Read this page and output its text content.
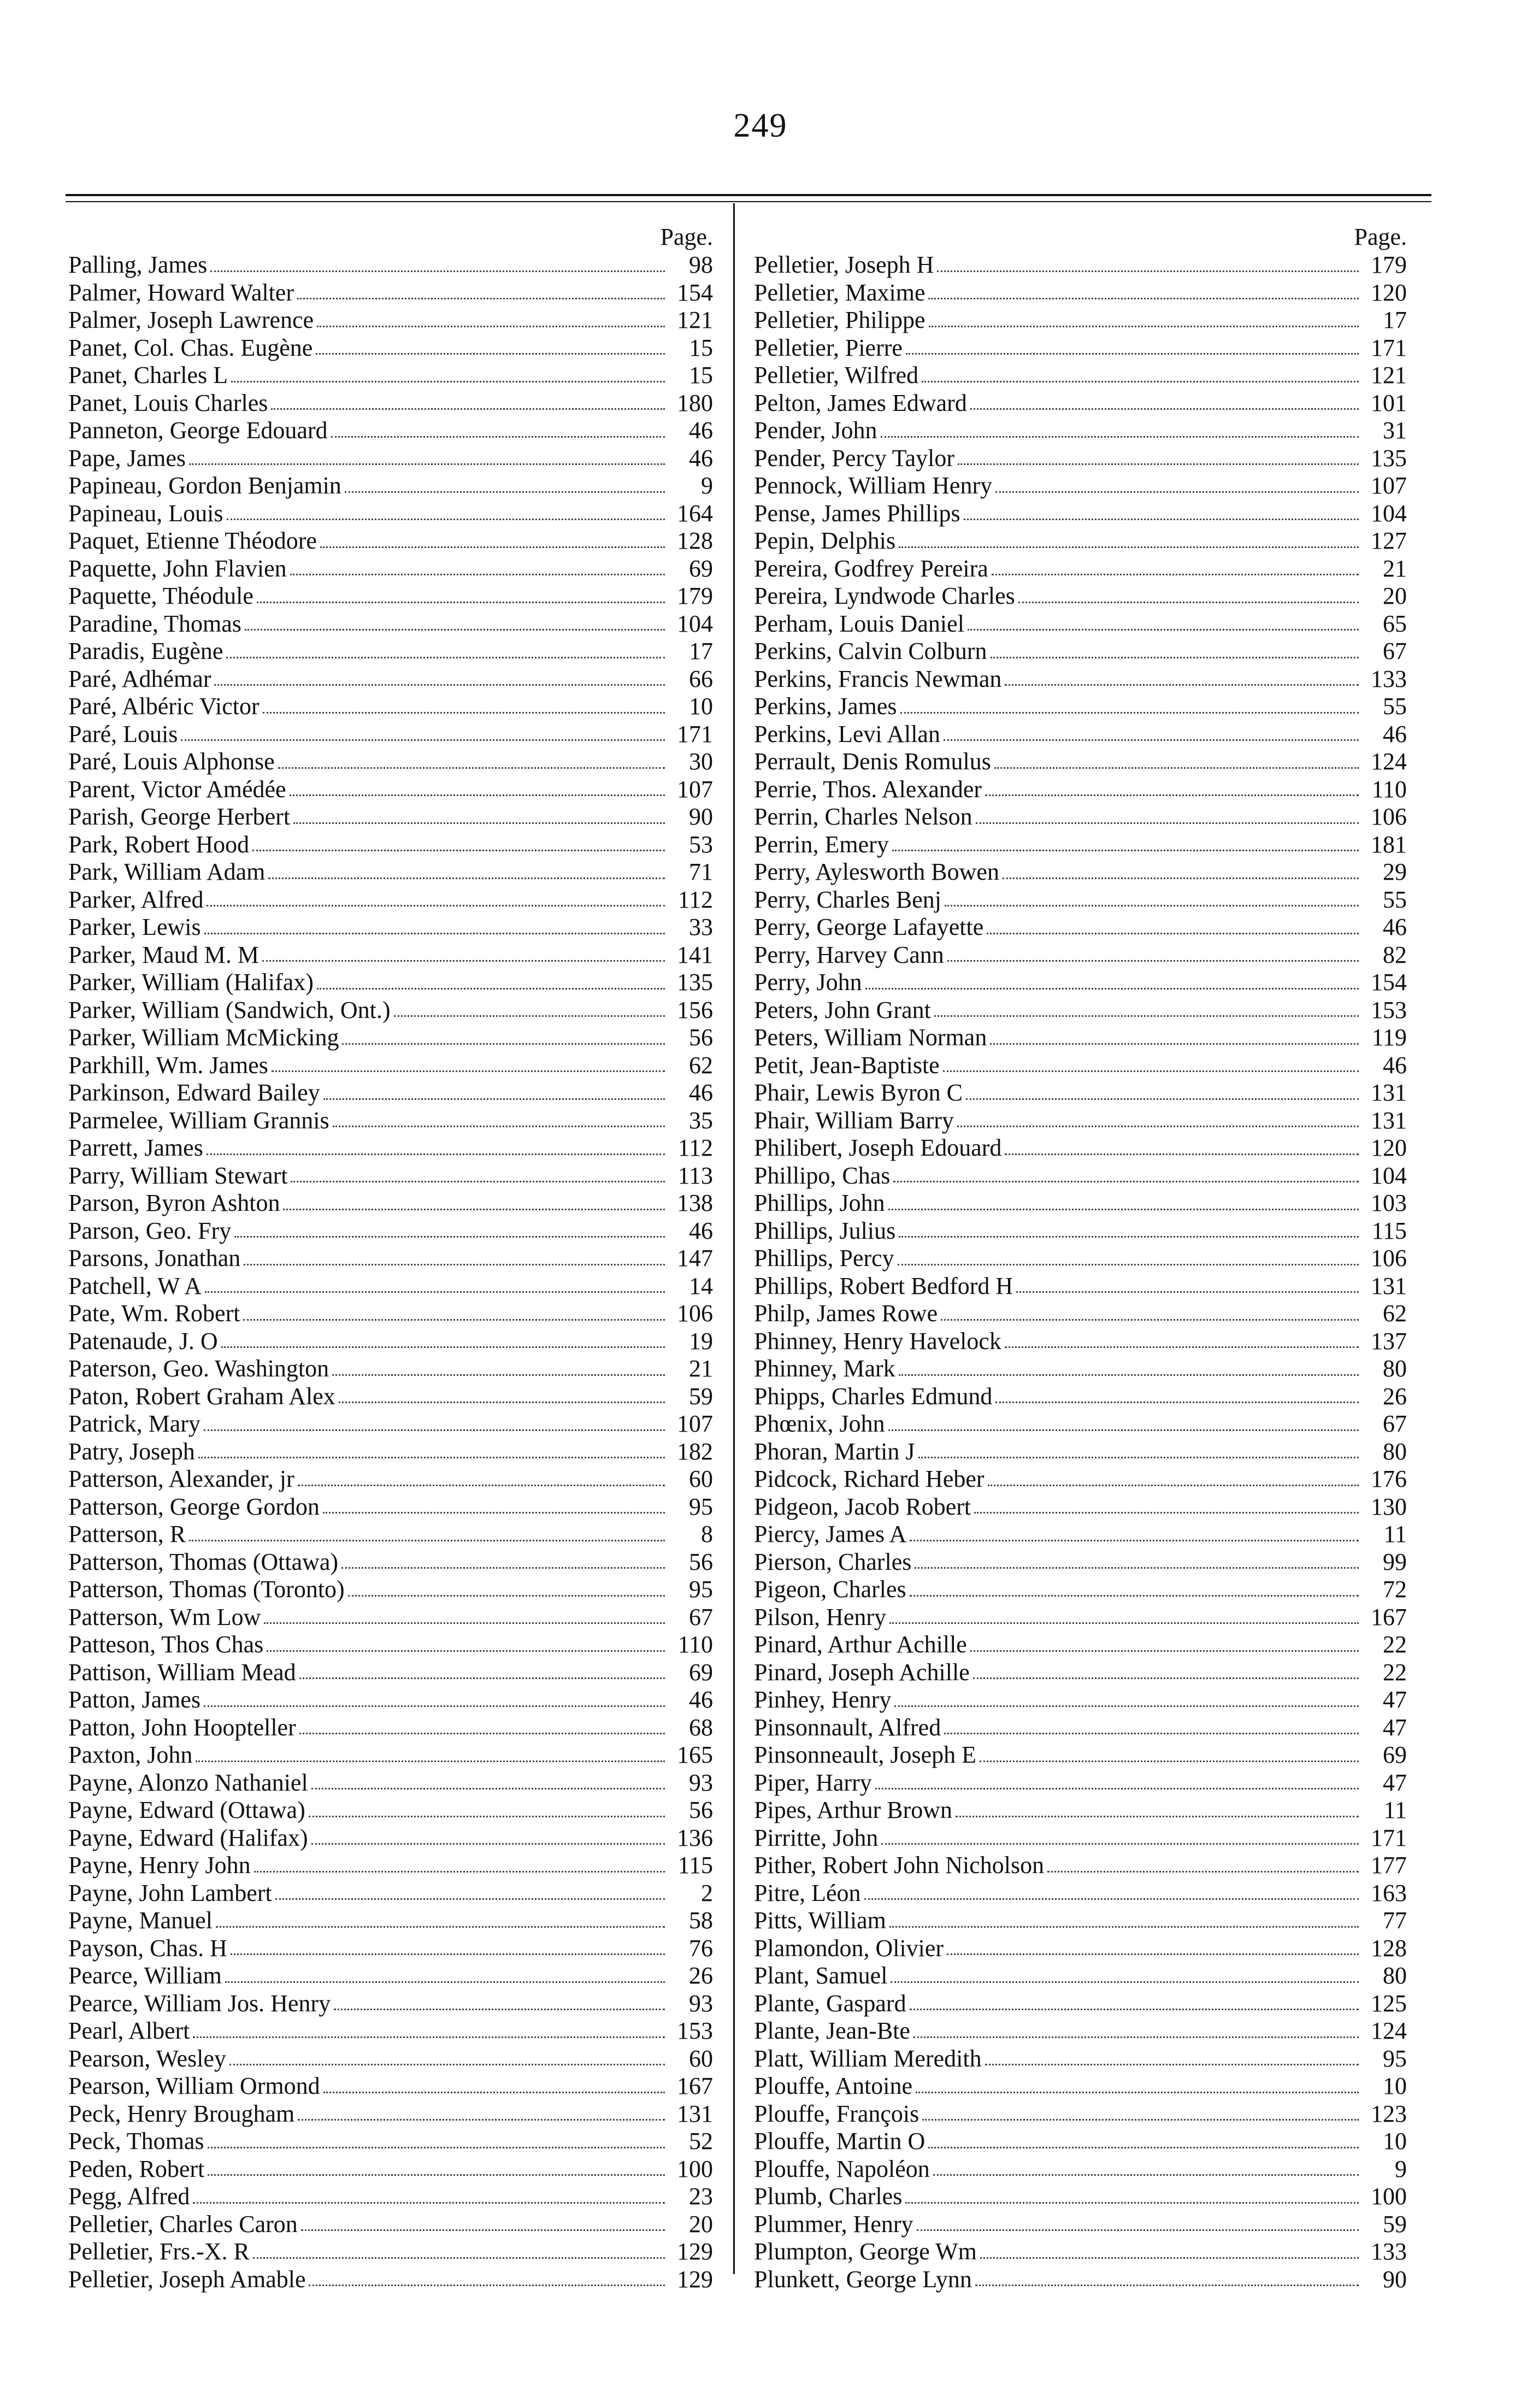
249
Page.
Palling, James	98
Palmer, Howard Walter	154
Palmer, Joseph Lawrence	121
Panet, Col. Chas. Eugène	15
Panet, Charles L	15
Panet, Louis Charles	180
Panneton, George Edouard	46
Pape, James	46
Papineau, Gordon Benjamin	9
Papineau, Louis	164
Paquet, Etienne Théodore	128
Paquette, John Flavien	69
Paquette, Théodule	179
Paradine, Thomas	104
Paradis, Eugène	17
Paré, Adhémar	66
Paré, Albéric Victor	10
Paré, Louis	171
Paré, Louis Alphonse	30
Parent, Victor Amédée	107
Parish, George Herbert	90
Park, Robert Hood	53
Park, William Adam	71
Parker, Alfred	112
Parker, Lewis	33
Parker, Maud M. M	141
Parker, William (Halifax)	135
Parker, William (Sandwich, Ont.)	156
Parker, William McMicking	56
Parkhill, Wm. James	62
Parkinson, Edward Bailey	46
Parmelee, William Grannis	35
Parrett, James	112
Parry, William Stewart	113
Parson, Byron Ashton	138
Parson, Geo. Fry	46
Parsons, Jonathan	147
Patchell, W A	14
Pate, Wm. Robert	106
Patenaude, J. O	19
Paterson, Geo. Washington	21
Paton, Robert Graham Alex	59
Patrick, Mary	107
Patry, Joseph	182
Patterson, Alexander, jr	60
Patterson, George Gordon	95
Patterson, R	8
Patterson, Thomas (Ottawa)	56
Patterson, Thomas (Toronto)	95
Patterson, Wm Low	67
Patteson, Thos Chas	110
Pattison, William Mead	69
Patton, James	46
Patton, John Hoopteller	68
Paxton, John	165
Payne, Alonzo Nathaniel	93
Payne, Edward (Ottawa)	56
Payne, Edward (Halifax)	136
Payne, Henry John	115
Payne, John Lambert	2
Payne, Manuel	58
Payson, Chas. H	76
Pearce, William	26
Pearce, William Jos. Henry	93
Pearl, Albert	153
Pearson, Wesley	60
Pearson, William Ormond	167
Peck, Henry Brougham	131
Peck, Thomas	52
Peden, Robert	100
Pegg, Alfred	23
Pelletier, Charles Caron	20
Pelletier, Frs.-X. R	129
Pelletier, Joseph Amable	129
Page.
Pelletier, Joseph H	179
Pelletier, Maxime	120
Pelletier, Philippe	17
Pelletier, Pierre	171
Pelletier, Wilfred	121
Pelton, James Edward	101
Pender, John	31
Pender, Percy Taylor	135
Pennock, William Henry	107
Pense, James Phillips	104
Pepin, Delphis	127
Pereira, Godfrey Pereira	21
Pereira, Lyndwode Charles	20
Perham, Louis Daniel	65
Perkins, Calvin Colburn	67
Perkins, Francis Newman	133
Perkins, James	55
Perkins, Levi Allan	46
Perrault, Denis Romulus	124
Perrie, Thos. Alexander	110
Perrin, Charles Nelson	106
Perrin, Emery	181
Perry, Aylesworth Bowen	29
Perry, Charles Benj	55
Perry, George Lafayette	46
Perry, Harvey Cann	82
Perry, John	154
Peters, John Grant	153
Peters, William Norman	119
Petit, Jean-Baptiste	46
Phair, Lewis Byron C	131
Phair, William Barry	131
Philibert, Joseph Edouard	120
Phillipo, Chas	104
Phillips, John	103
Phillips, Julius	115
Phillips, Percy	106
Phillips, Robert Bedford H	131
Philp, James Rowe	62
Phinney, Henry Havelock	137
Phinney, Mark	80
Phipps, Charles Edmund	26
Phœnix, John	67
Phoran, Martin J	80
Pidcock, Richard Heber	176
Pidgeon, Jacob Robert	130
Piercy, James A	11
Pierson, Charles	99
Pigeon, Charles	72
Pilson, Henry	167
Pinard, Arthur Achille	22
Pinard, Joseph Achille	22
Pinhey, Henry	47
Pinsonnault, Alfred	47
Pinsonneault, Joseph E	69
Piper, Harry	47
Pipes, Arthur Brown	11
Pirritte, John	171
Pither, Robert John Nicholson	177
Pitre, Léon	163
Pitts, William	77
Plamondon, Olivier	128
Plant, Samuel	80
Plante, Gaspard	125
Plante, Jean-Bte	124
Platt, William Meredith	95
Plouffe, Antoine	10
Plouffe, François	123
Plouffe, Martin O	10
Plouffe, Napoléon	9
Plumb, Charles	100
Plummer, Henry	59
Plumpton, George Wm	133
Plunkett, George Lynn	90
